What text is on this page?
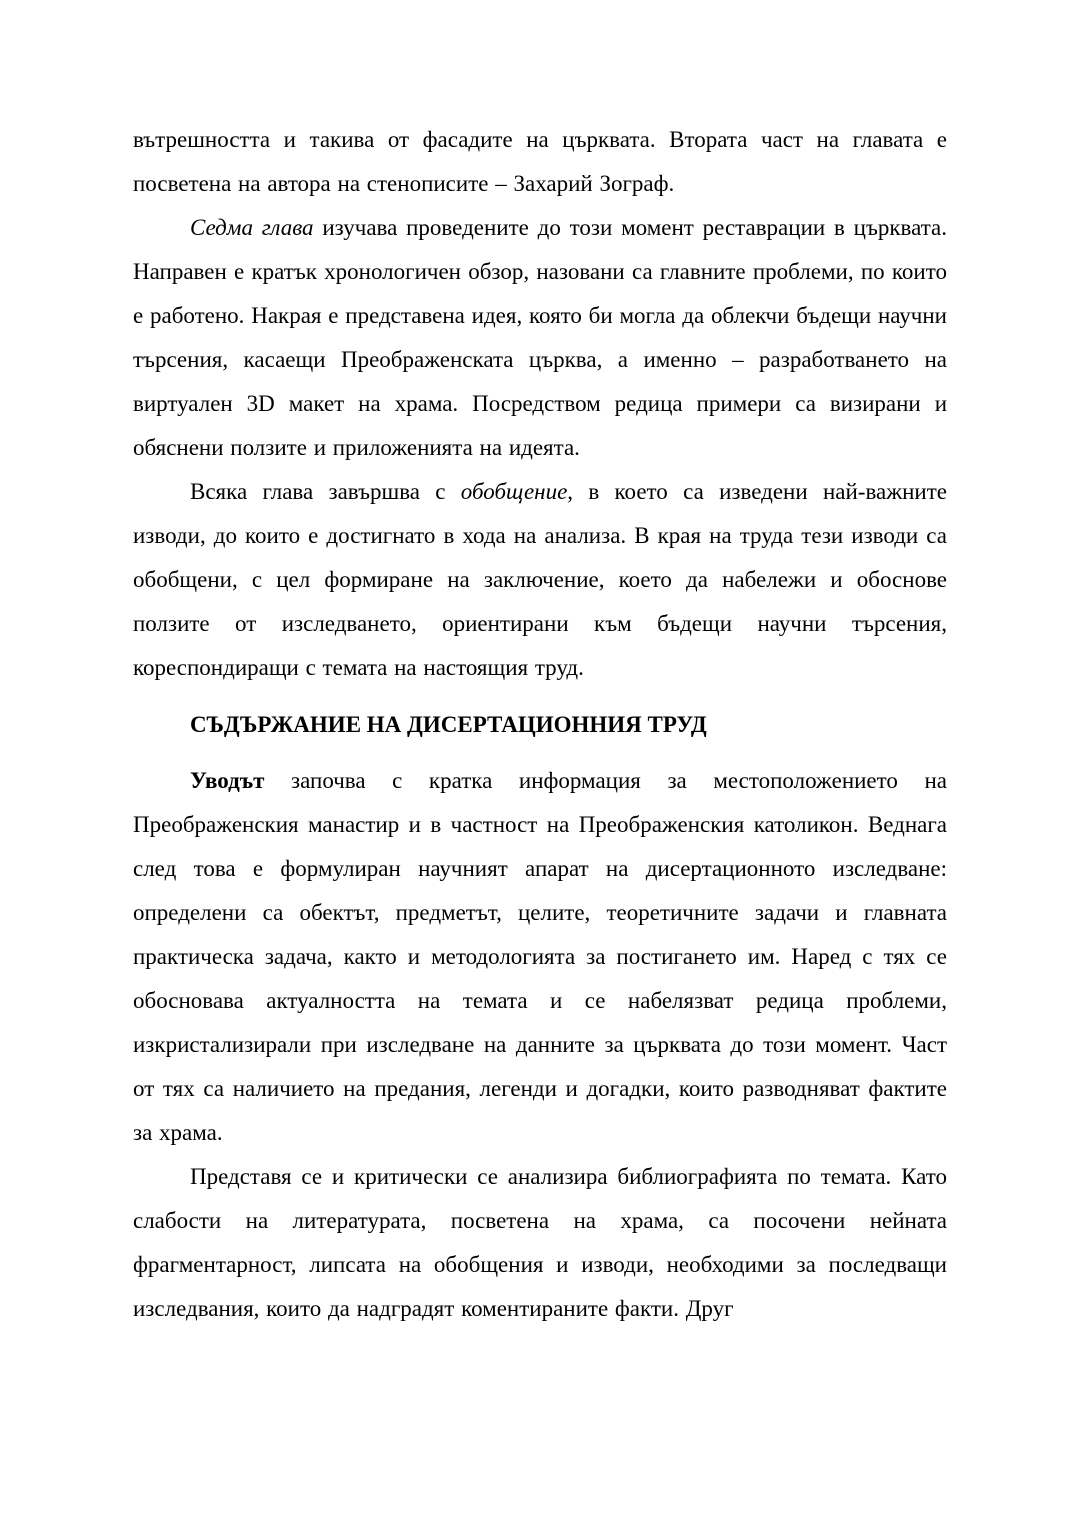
вътрешността и такива от фасадите на църквата. Втората част на главата е посветена на автора на стенописите – Захарий Зограф.

Седма глава изучава проведените до този момент реставрации в църквата. Направен е кратък хронологичен обзор, назовани са главните проблеми, по които е работено. Накрая е представена идея, която би могла да облекчи бъдещи научни търсения, касаещи Преображенската църква, а именно – разработването на виртуален 3D макет на храма. Посредством редица примери са визирани и обяснени ползите и приложенията на идеята.

Всяка глава завършва с обобщение, в което са изведени най-важните изводи, до които е достигнато в хода на анализа. В края на труда тези изводи са обобщени, с цел формиране на заключение, което да набележи и обоснове ползите от изследването, ориентирани към бъдещи научни търсения, кореспондиращи с темата на настоящия труд.

СЪДЪРЖАНИЕ НА ДИСЕРТАЦИОННИЯ ТРУД

Уводът започва с кратка информация за местоположението на Преображенския манастир и в частност на Преображенския католикон. Веднага след това е формулиран научният апарат на дисертационното изследване: определени са обектът, предметът, целите, теоретичните задачи и главната практическа задача, както и методологията за постигането им. Наред с тях се обосновава актуалността на темата и се набелязват редица проблеми, изкристализирали при изследване на данните за църквата до този момент. Част от тях са наличието на предания, легенди и догадки, които разводняват фактите за храма.

Представя се и критически се анализира библиографията по темата. Като слабости на литературата, посветена на храма, са посочени нейната фрагментарност, липсата на обобщения и изводи, необходими за последващи изследвания, които да надградят коментираните факти. Друг
